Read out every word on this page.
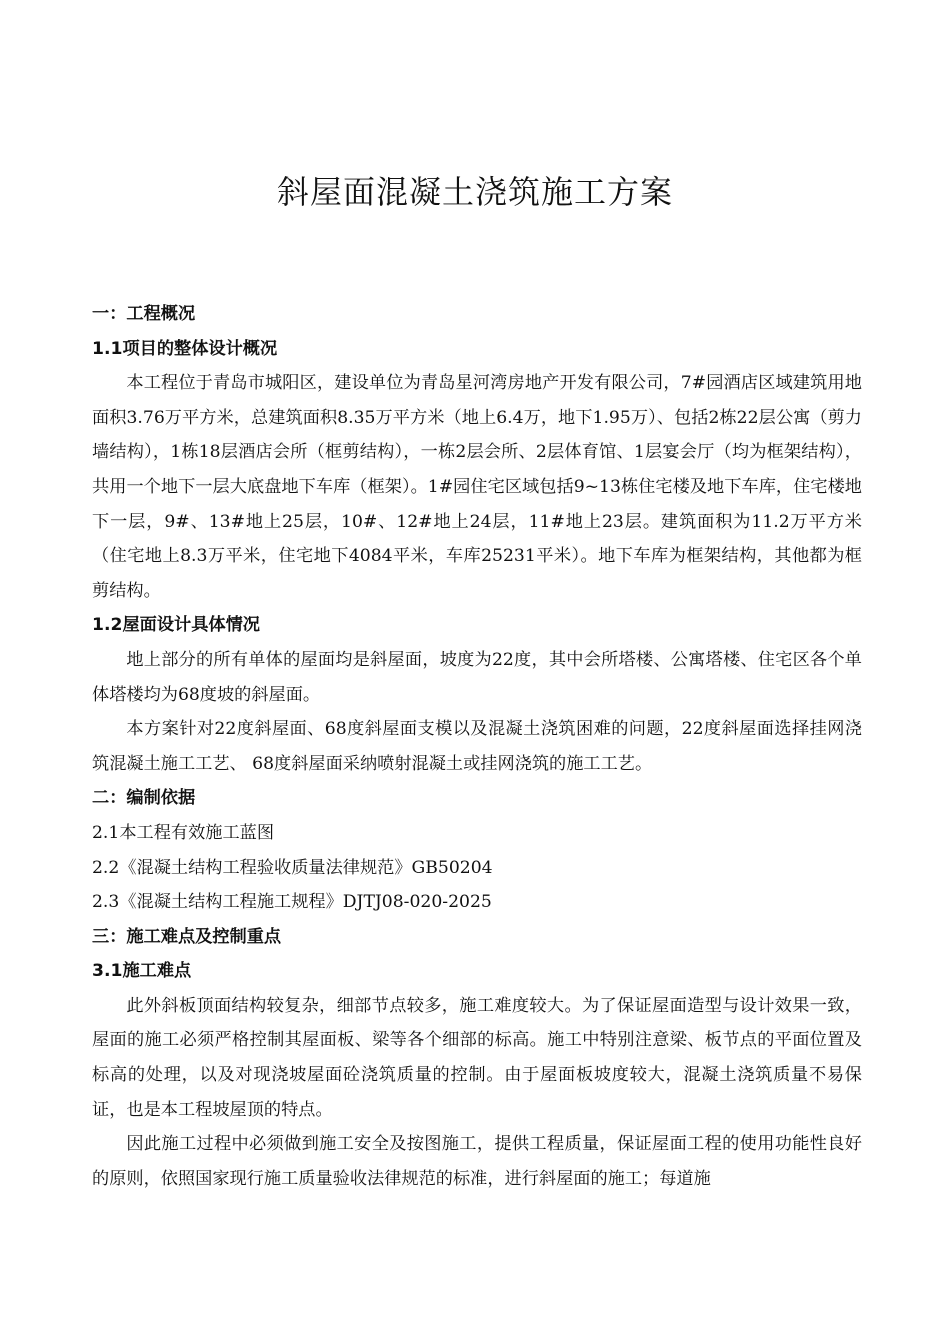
斜屋面混凝土浇筑施工方案

一：工程概况

1.1项目的整体设计概况

本工程位于青岛市城阳区，建设单位为青岛星河湾房地产开发有限公司，7#园酒店区域建筑用地面积3.76万平方米，总建筑面积8.35万平方米（地上6.4万，地下1.95万）、包括2栋22层公寓（剪力墙结构），1栋18层酒店会所（框剪结构），一栋2层会所、2层体育馆、1层宴会厅（均为框架结构），共用一个地下一层大底盘地下车库（框架）。1#园住宅区域包括9~13栋住宅楼及地下车库，住宅楼地下一层，9#、13#地上25层，10#、12#地上24层，11#地上23层。建筑面积为11.2万平方米（住宅地上8.3万平米，住宅地下4084平米，车库25231平米）。地下车库为框架结构，其他都为框剪结构。

1.2屋面设计具体情况

地上部分的所有单体的屋面均是斜屋面，坡度为22度，其中会所塔楼、公寓塔楼、住宅区各个单体塔楼均为68度坡的斜屋面。

本方案针对22度斜屋面、68度斜屋面支模以及混凝土浇筑困难的问题，22度斜屋面选择挂网浇筑混凝土施工工艺、 68度斜屋面采纳喷射混凝土或挂网浇筑的施工工艺。

二：编制依据

2.1本工程有效施工蓝图

2.2《混凝土结构工程验收质量法律规范》GB50204

2.3《混凝土结构工程施工规程》DJTJ08-020-2025

三：施工难点及控制重点

3.1施工难点

此外斜板顶面结构较复杂，细部节点较多，施工难度较大。为了保证屋面造型与设计效果一致，屋面的施工必须严格控制其屋面板、梁等各个细部的标高。施工中特别注意梁、板节点的平面位置及标高的处理，以及对现浇坡屋面砼浇筑质量的控制。由于屋面板坡度较大，混凝土浇筑质量不易保证，也是本工程坡屋顶的特点。

因此施工过程中必须做到施工安全及按图施工，提供工程质量，保证屋面工程的使用功能性良好的原则，依照国家现行施工质量验收法律规范的标准，进行斜屋面的施工；每道施
